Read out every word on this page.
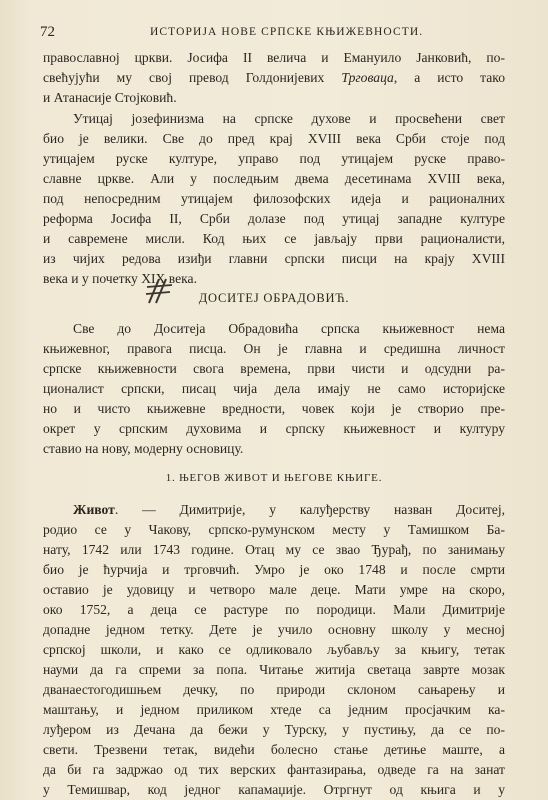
72	ИСТОРИЈА НОВЕ СРПСКЕ КЊИЖЕВНОСТИ.
православној цркви. Јосифа II велича и Емануило Јанковић, по-
свећујући му свој превод Голдонијевих Трговаца, а исто тако
и Атанасије Стојковић.
Утицај јозефинизма на српске духове и просвећени свет
био је велики. Све до пред крај XVIII века Срби стоје под
утицајем руске културе, управо под утицајем руске право-
славне цркве. Али у последњим двема десетинама XVIII века,
под непосредним утицајем филозофских идеја и рационалних
реформа Јосифа II, Срби долазе под утицај западне културе
и савремене мисли. Код њих се јављају први рационалисти,
из чијих редова изиђи главни српски писци на крају XVIII
века и у почетку XIX века.
ДОСИТЕЈ ОБРАДОВИЋ.
Све до Доситеја Обрадовића српска књижевност нема
књижевног, правога писца. Он је главна и средишна личност
српске књижевности свога времена, први чисти и одсудни ра-
ционалист српски, писац чија дела имају не само историјске
но и чисто књижевне вредности, човек који је створио пре-
окрет у српским духовима и српску књижевност и културу
ставио на нову, модерну основицу.
1. ЊЕГОВ ЖИВОТ И ЊЕГОВЕ КЊИГЕ.
Живот. — Димитрије, у калуђерству назван Доситеј,
родио се у Чакову, српско-румунском месту у Тамишком Ба-
нату, 1742 или 1743 године. Отац му се звао Ђурађ, по занимању
био је ћурчија и трговчић. Умро је око 1748 и после смрти
оставио је удовицу и четворо мале деце. Мати умре на скоро,
око 1752, а деца се растуре по породици. Мали Димитрије
допадне једном тетку. Дете је учило основну школу у месној
српској школи, и како се одликовало љубављу за књигу, тетак
науми да га спреми за попа. Читање житија светаца завртe мозак
дванаестогодишњем дечку, по природи склоном сањарењу и
маштању, и једном приликом хтеде са једним просјачким ка-
луђером из Дечана да бежи у Турску, у пустињу, да се по-
свети. Трезвени тетак, видећи болесно стање детиње маште, а
да би га задржао од тих верских фантазирања, одведе га на занат
у Темишвар, код једног капамаџије. Отргнут од књига и у
